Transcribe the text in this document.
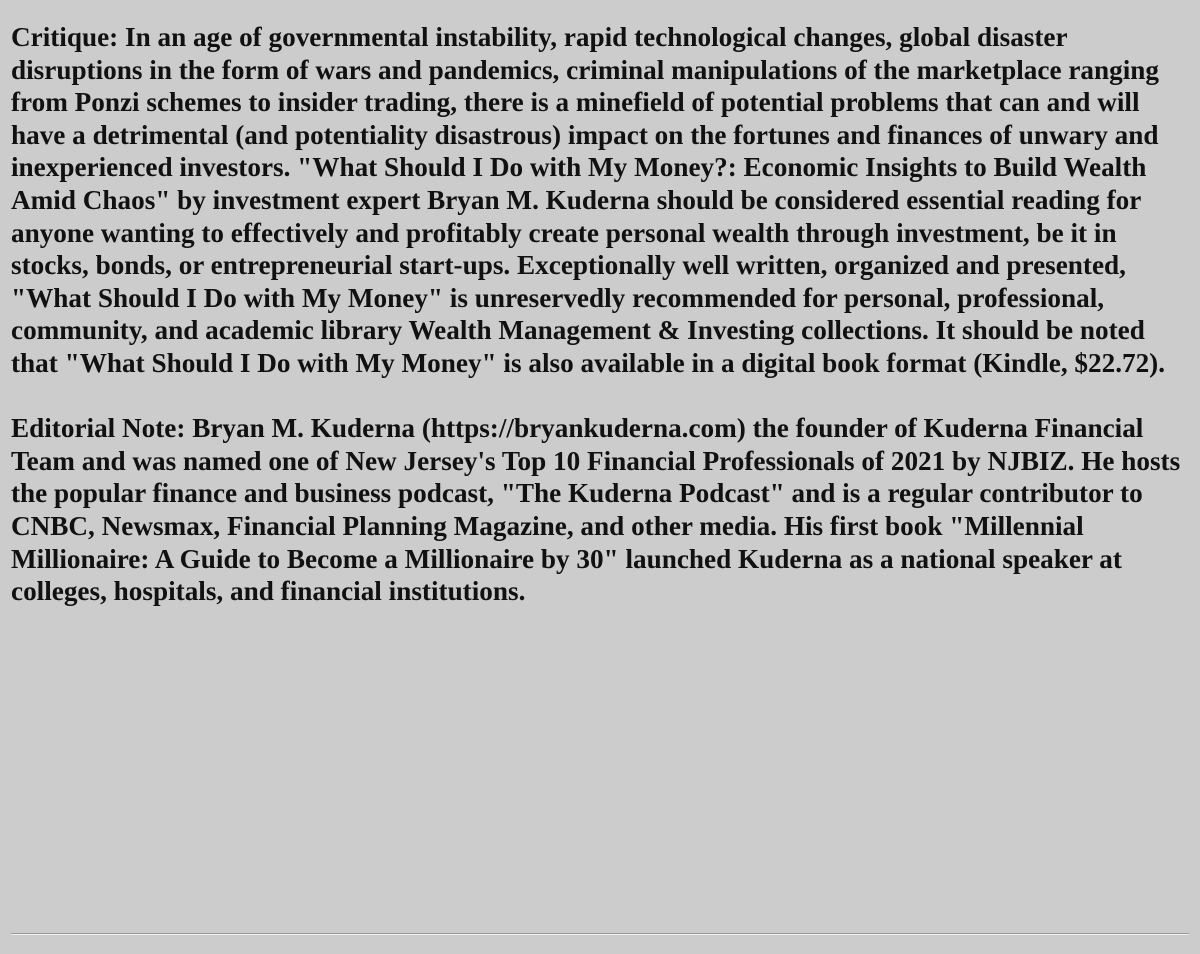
Critique: In an age of governmental instability, rapid technological changes, global disaster disruptions in the form of wars and pandemics, criminal manipulations of the marketplace ranging from Ponzi schemes to insider trading, there is a minefield of potential problems that can and will have a detrimental (and potentiality disastrous) impact on the fortunes and finances of unwary and inexperienced investors. "What Should I Do with My Money?: Economic Insights to Build Wealth Amid Chaos" by investment expert Bryan M. Kuderna should be considered essential reading for anyone wanting to effectively and profitably create personal wealth through investment, be it in stocks, bonds, or entrepreneurial start-ups. Exceptionally well written, organized and presented, "What Should I Do with My Money" is unreservedly recommended for personal, professional, community, and academic library Wealth Management & Investing collections. It should be noted that "What Should I Do with My Money" is also available in a digital book format (Kindle, $22.72).

Editorial Note: Bryan M. Kuderna (https://bryankuderna.com) the founder of Kuderna Financial Team and was named one of New Jersey's Top 10 Financial Professionals of 2021 by NJBIZ. He hosts the popular finance and business podcast, "The Kuderna Podcast" and is a regular contributor to CNBC, Newsmax, Financial Planning Magazine, and other media. His first book "Millennial Millionaire: A Guide to Become a Millionaire by 30" launched Kuderna as a national speaker at colleges, hospitals, and financial institutions.
